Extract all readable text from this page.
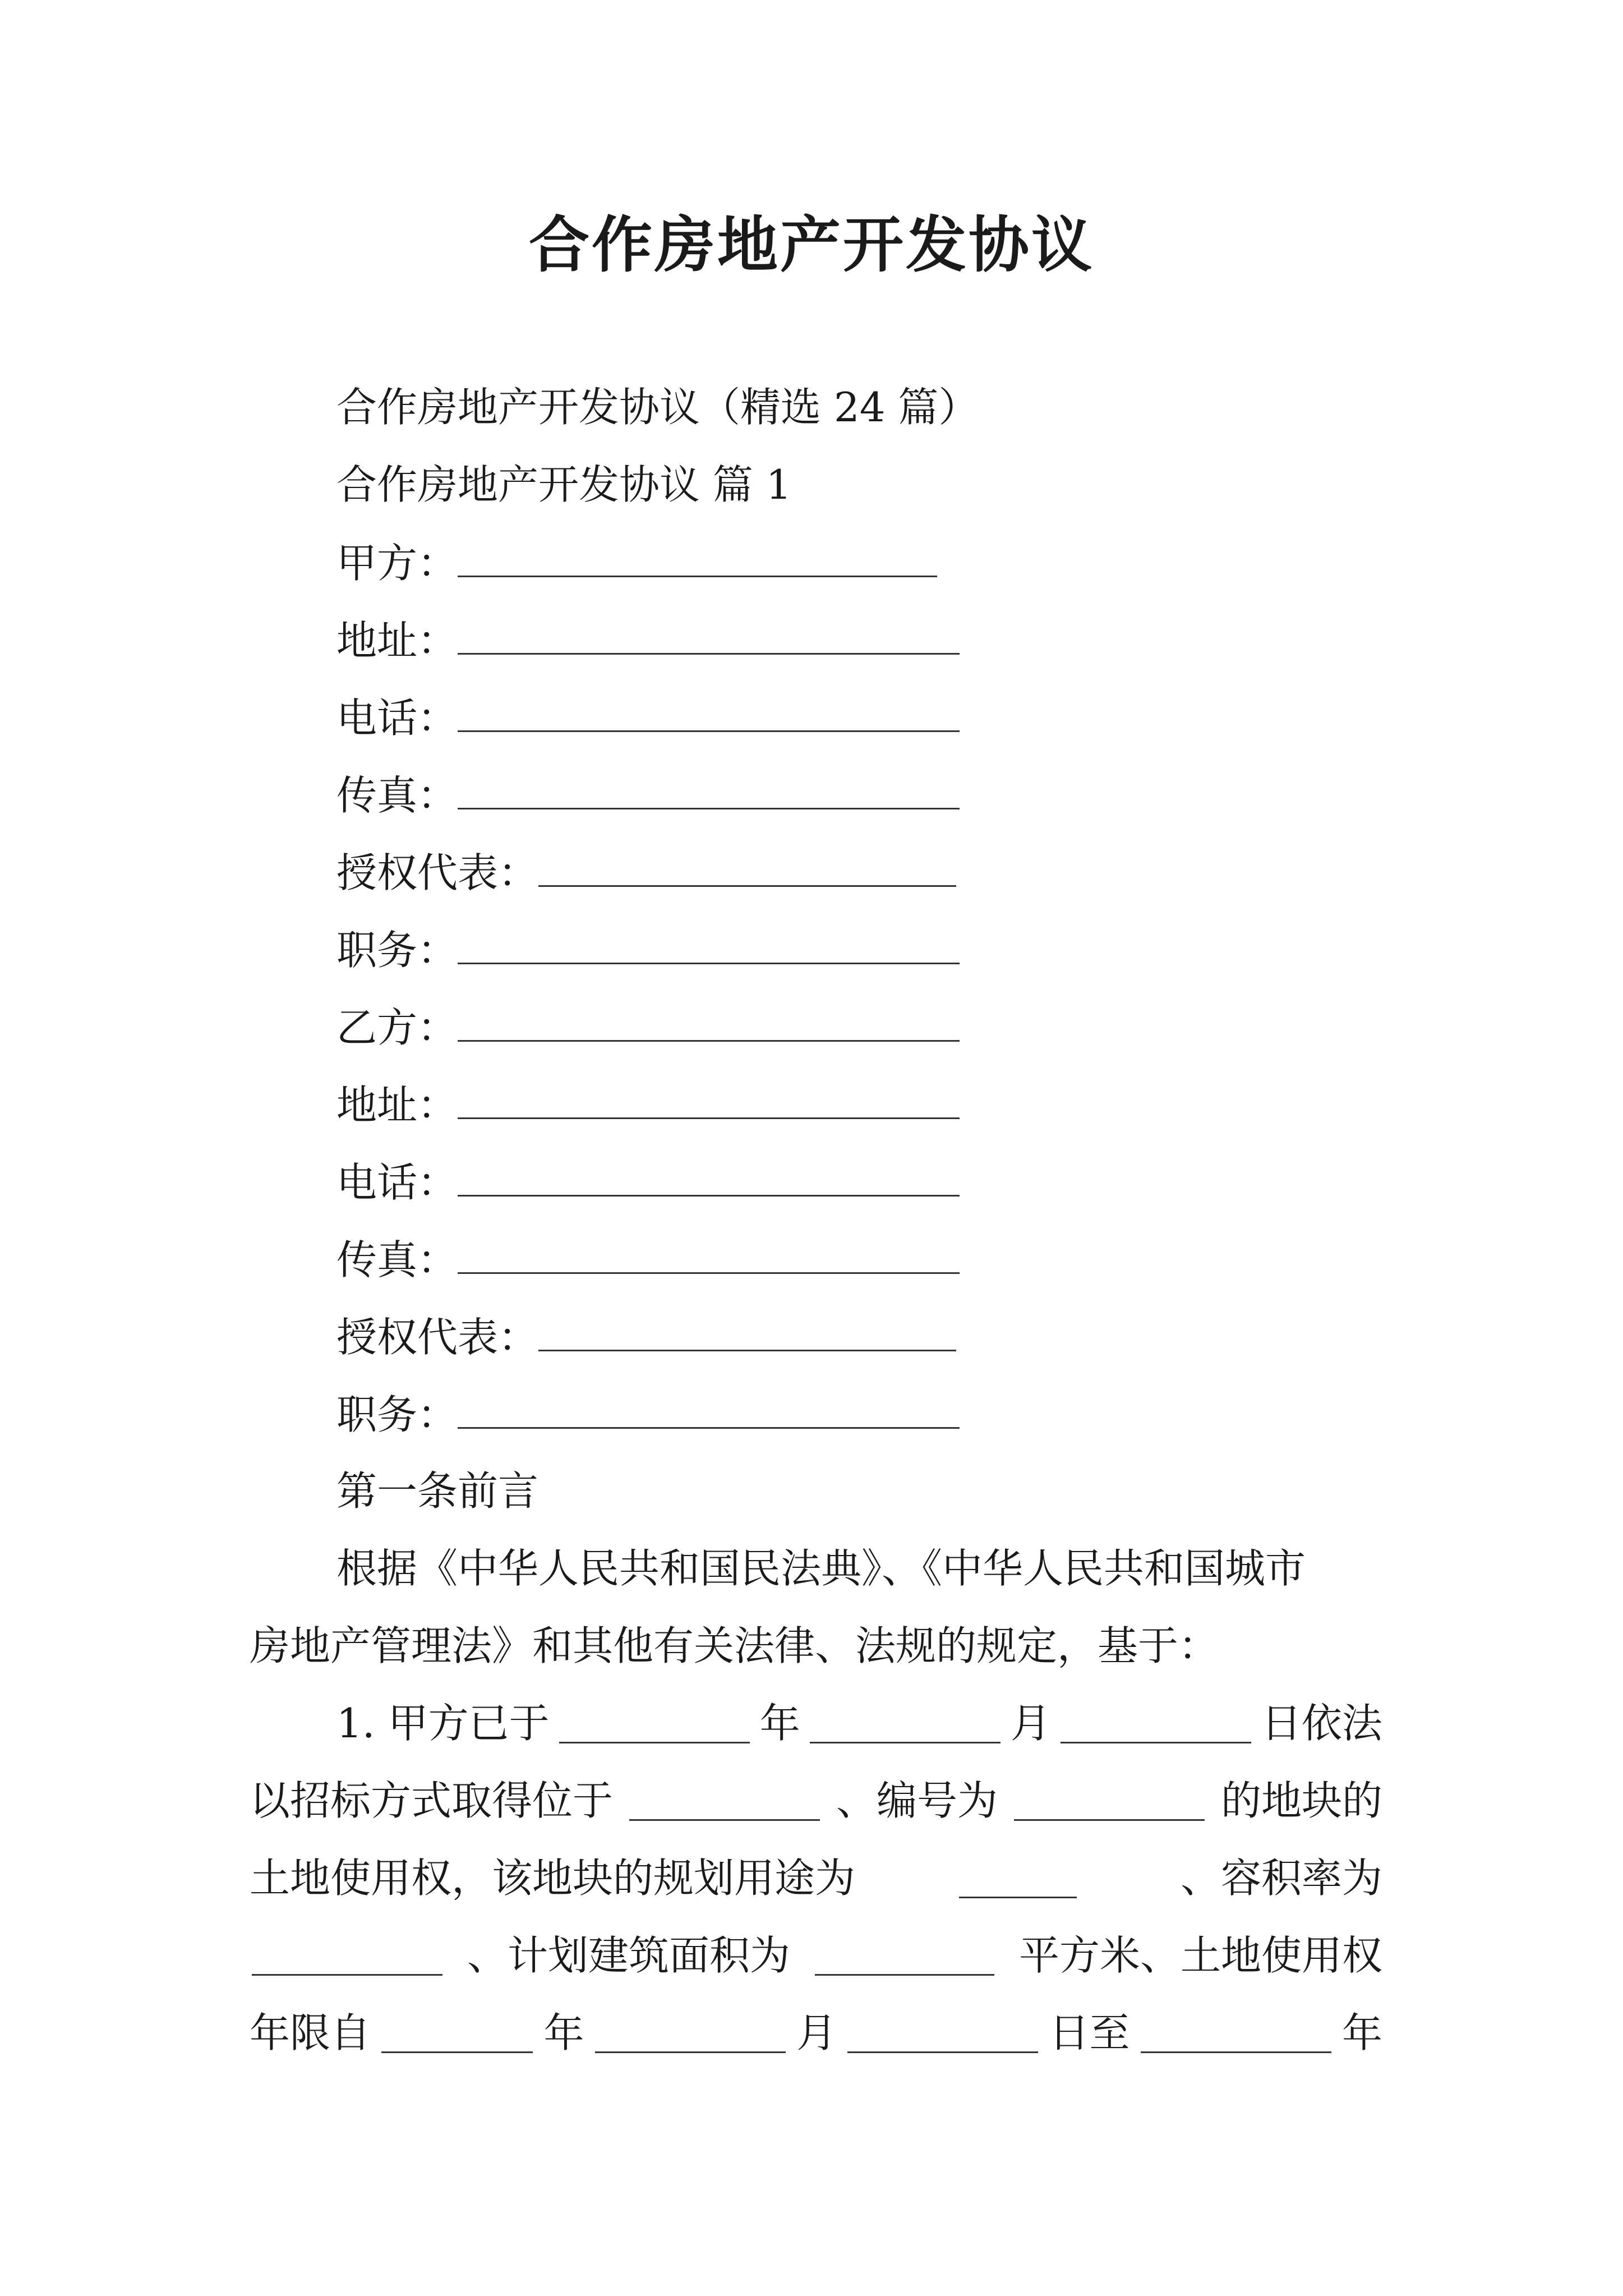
合作房地产开发协议
合作房地产开发协议（精选 24 篇）
合作房地产开发协议 篇 1
甲方：
地址：
电话：
传真：
授权代表：
职务：
乙方：
地址：
电话：
传真：
授权代表：
职务：
第一条前言
根据《中华人民共和国民法典》、《中华人民共和国城市
房地产管理法》和其他有关法律、法规的规定，基于：
1. 甲方已于	年	月	日依法
以招标方式取得位于	、编号为	的地块的
土地使用权，该地块的规划用途为	、容积率为
、计划建筑面积为	平方米、土地使用权
年限自	年	月	日至	年
